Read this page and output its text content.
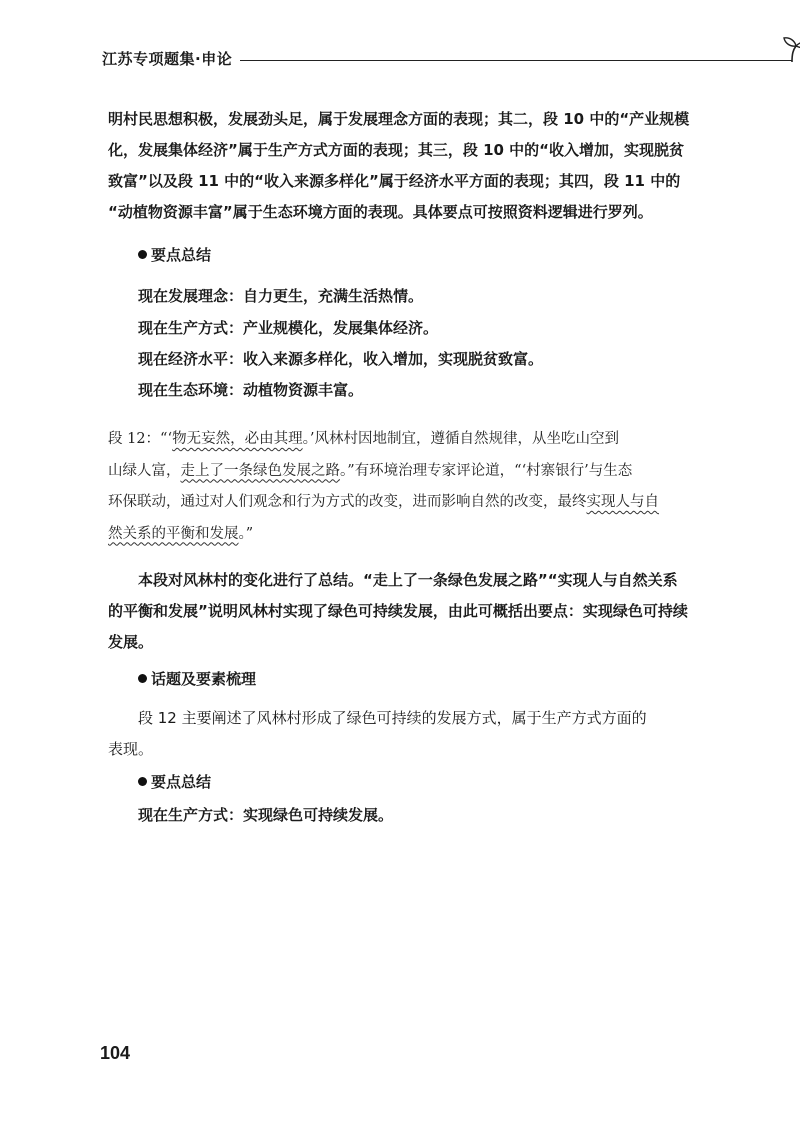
江苏专项题集·申论

明村民思想积极，发展劲头足，属于发展理念方面的表现；其二，段 10 中的“产业规模
化，发展集体经济”属于生产方式方面的表现；其三，段 10 中的“收入增加，实现脱贫
致富”以及段 11 中的“收入来源多样化”属于经济水平方面的表现；其四，段 11 中的
“动植物资源丰富”属于生态环境方面的表现。具体要点可按照资料逻辑进行罗列。

要点总结
现在发展理念：自力更生，充满生活热情。
现在生产方式：产业规模化，发展集体经济。
现在经济水平：收入来源多样化，收入增加，实现脱贫致富。
现在生态环境：动植物资源丰富。

段 12：“‘物无妄然，必由其理。’风林村因地制宜，遵循自然规律，从坐吃山空到
山绿人富，走上了一条绿色发展之路。”有环境治理专家评论道，“‘村寨银行’与生态
环保联动，通过对人们观念和行为方式的改变，进而影响自然的改变，最终实现人与自
然关系的平衡和发展。”

本段对风林村的变化进行了总结。“走上了一条绿色发展之路”“实现人与自然关系
的平衡和发展”说明风林村实现了绿色可持续发展，由此可概括出要点：实现绿色可持续
发展。

话题及要素梳理

段 12 主要阐述了风林村形成了绿色可持续的发展方式，属于生产方式方面的
表现。

要点总结
现在生产方式：实现绿色可持续发展。
104
